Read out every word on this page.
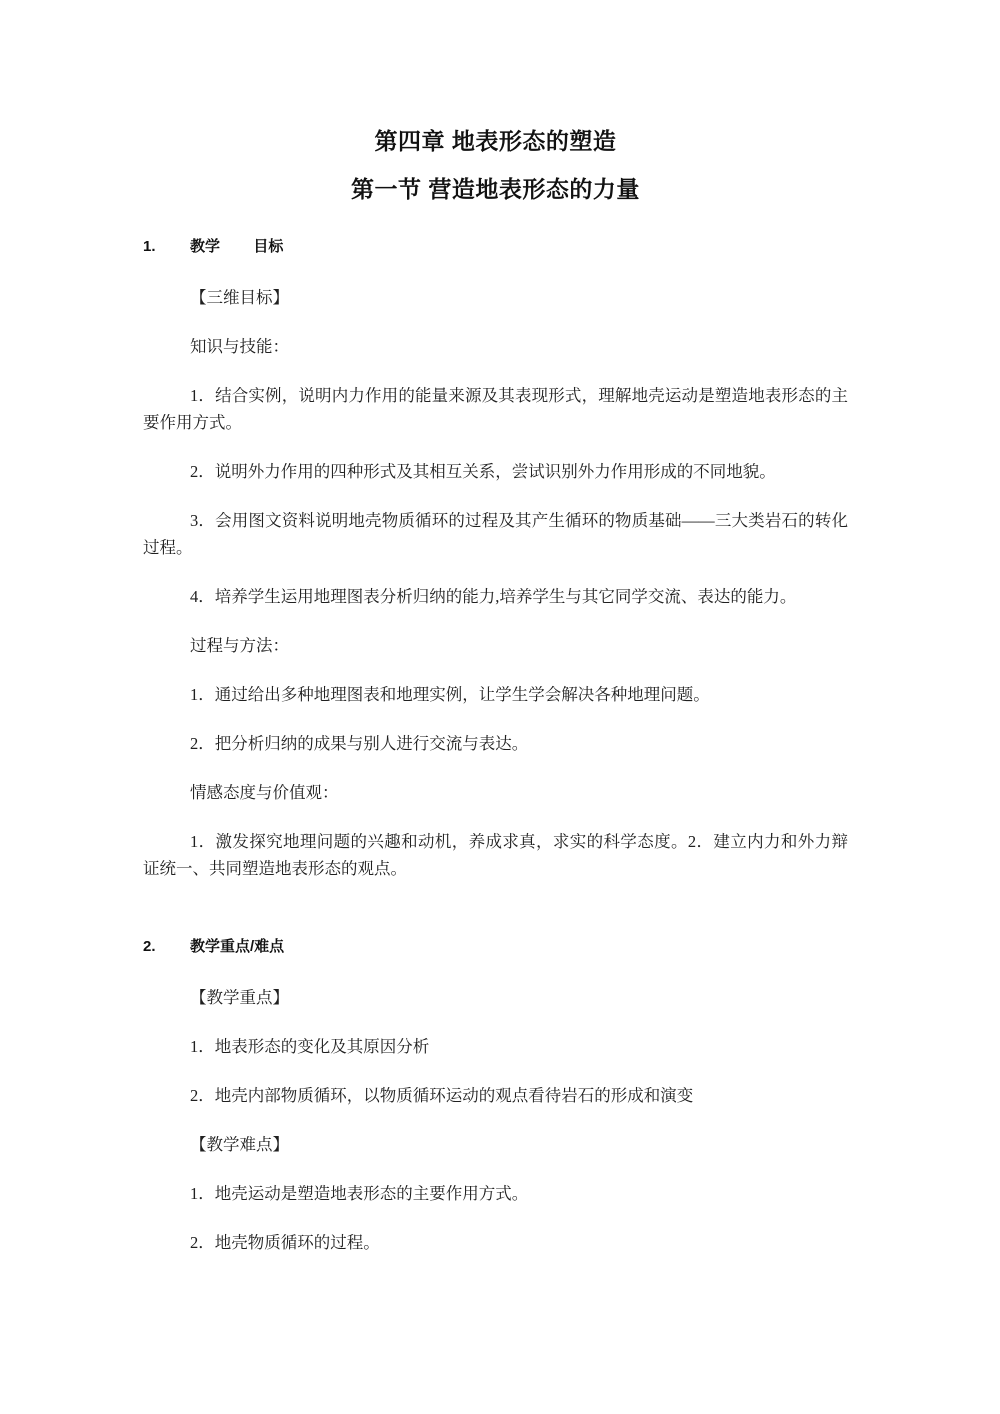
第四章 地表形态的塑造
第一节 营造地表形态的力量
1. 教学        目标

【三维目标】

知识与技能：

1．结合实例，说明内力作用的能量来源及其表现形式，理解地壳运动是塑造地表形态的主要作用方式。

2．说明外力作用的四种形式及其相互关系，尝试识别外力作用形成的不同地貌。

3．会用图文资料说明地壳物质循环的过程及其产生循环的物质基础——三大类岩石的转化过程。

4．培养学生运用地理图表分析归纳的能力,培养学生与其它同学交流、表达的能力。

过程与方法：

1．通过给出多种地理图表和地理实例，让学生学会解决各种地理问题。

2．把分析归纳的成果与别人进行交流与表达。

情感态度与价值观：

1．激发探究地理问题的兴趣和动机，养成求真，求实的科学态度。2．建立内力和外力辩证统一、共同塑造地表形态的观点。

2. 教学重点/难点

【教学重点】

1．地表形态的变化及其原因分析

2．地壳内部物质循环，以物质循环运动的观点看待岩石的形成和演变

【教学难点】

1．地壳运动是塑造地表形态的主要作用方式。

2．地壳物质循环的过程。
